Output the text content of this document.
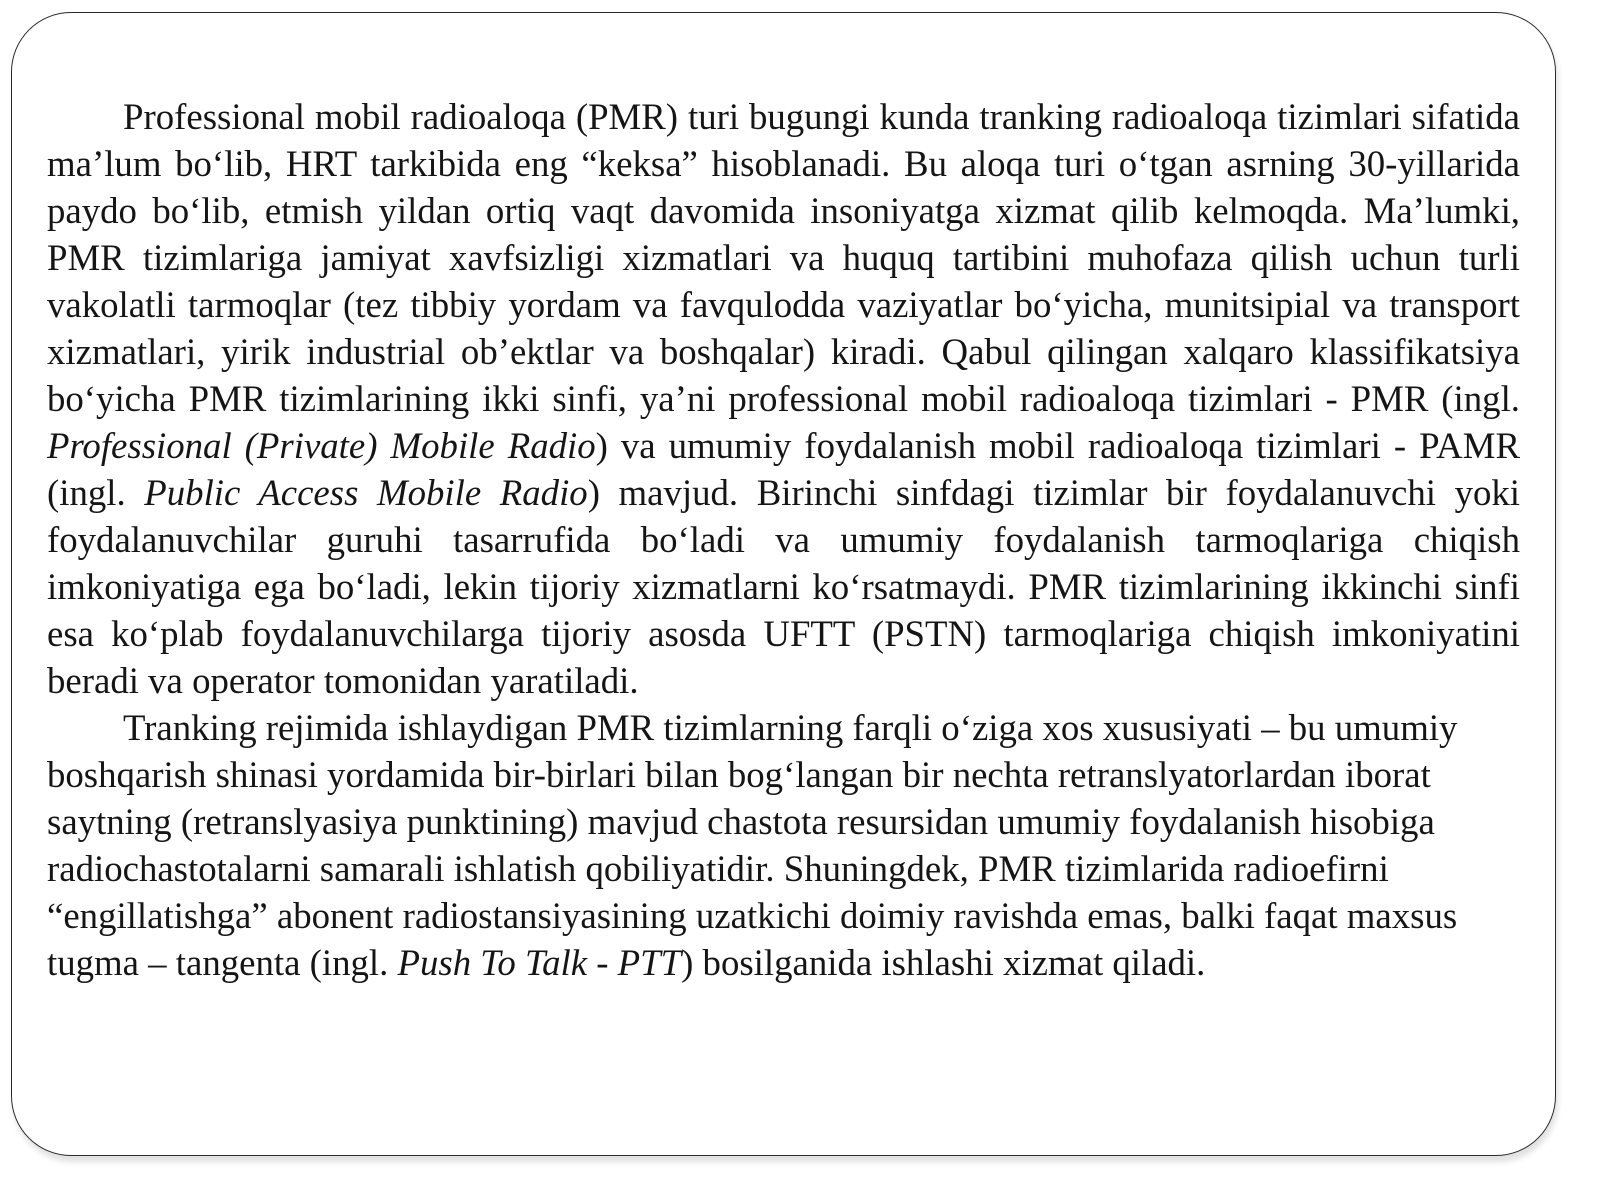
Professional mobil radioaloqa (PMR) turi bugungi kunda tranking radioaloqa tizimlari sifatida ma’lum bo‘lib, HRT tarkibida eng “keksa” hisoblanadi. Bu aloqa turi o‘tgan asrning 30-yillarida paydo bo‘lib, etmish yildan ortiq vaqt davomida insoniyatga xizmat qilib kelmoqda. Ma’lumki, PMR tizimlariga jamiyat xavfsizligi xizmatlari va huquq tartibini muhofaza qilish uchun turli vakolatli tarmoqlar (tez tibbiy yordam va favqulodda vaziyatlar bo‘yicha, munitsipial va transport xizmatlari, yirik industrial ob’ektlar va boshqalar) kiradi. Qabul qilingan xalqaro klassifikatsiya bo‘yicha PMR tizimlarining ikki sinfi, ya’ni professional mobil radioaloqa tizimlari - PMR (ingl. Professional (Private) Mobile Radio) va umumiy foydalanish mobil radioaloqa tizimlari - PAMR (ingl. Public Access Mobile Radio) mavjud. Birinchi sinfdagi tizimlar bir foydalanuvchi yoki foydalanuvchilar guruhi tasarrufida bo‘ladi va umumiy foydalanish tarmoqlariga chiqish imkoniyatiga ega bo‘ladi, lekin tijoriy xizmatlarni ko‘rsatmaydi. PMR tizimlarining ikkinchi sinfi esa ko‘plab foydalanuvchilarga tijoriy asosda UFTT (PSTN) tarmoqlariga chiqish imkoniyatini beradi va operator tomonidan yaratiladi.

Tranking rejimida ishlaydigan PMR tizimlarning farqli o‘ziga xos xususiyati – bu umumiy boshqarish shinasi yordamida bir-birlari bilan bog‘langan bir nechta retranslyatorlardan iborat saytning (retranslyasiya punktining) mavjud chastota resursidan umumiy foydalanish hisobiga radiochastotalarni samarali ishlatish qobiliyatidir. Shuningdek, PMR tizimlarida radioefirni “engillatishga” abonent radiostansiyasining uzatkichi doimiy ravishda emas, balki faqat maxsus tugma – tangenta (ingl. Push To Talk - PTT) bosilganida ishlashi xizmat qiladi.
